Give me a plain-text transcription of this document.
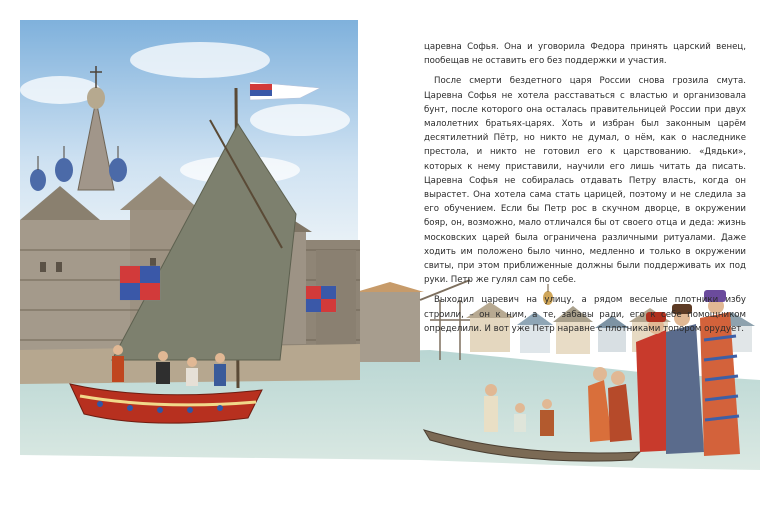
царевна Софья. Она и уговорила Федора принять царский венец, пообещав не оставить его без поддержки и участия.

После смерти бездетного царя России снова грозила смута. Царевна Софья не хотела расставаться с властью и организовала бунт, после которого она осталась правительницей России при двух малолетних братьях-царях. Хоть и избран был законным царём десятилетний Пётр, но никто не думал, о нём, как о наследнике престола, и никто не готовил его к царствованию. «Дядьки», которых к нему приставили, научили его лишь читать да писать. Царевна Софья не собиралась отдавать Петру власть, когда он вырастет. Она хотела сама стать царицей, поэтому и не следила за его обучением. Если бы Петр рос в скучном дворце, в окружении бояр, он, возможно, мало отличался бы от своего отца и деда: жизнь московских царей была ограничена различными ритуалами. Даже ходить им положено было чинно, медленно и только в окружении свиты, при этом приближенные должны были поддерживать их под руки. Петр же гулял сам по себе.

Выходил царевич на улицу, а рядом веселые плотники избу строили, – он к ним, а те, забавы ради, его к себе помощником определили. И вот уже Петр наравне с плотниками топором орудует.
